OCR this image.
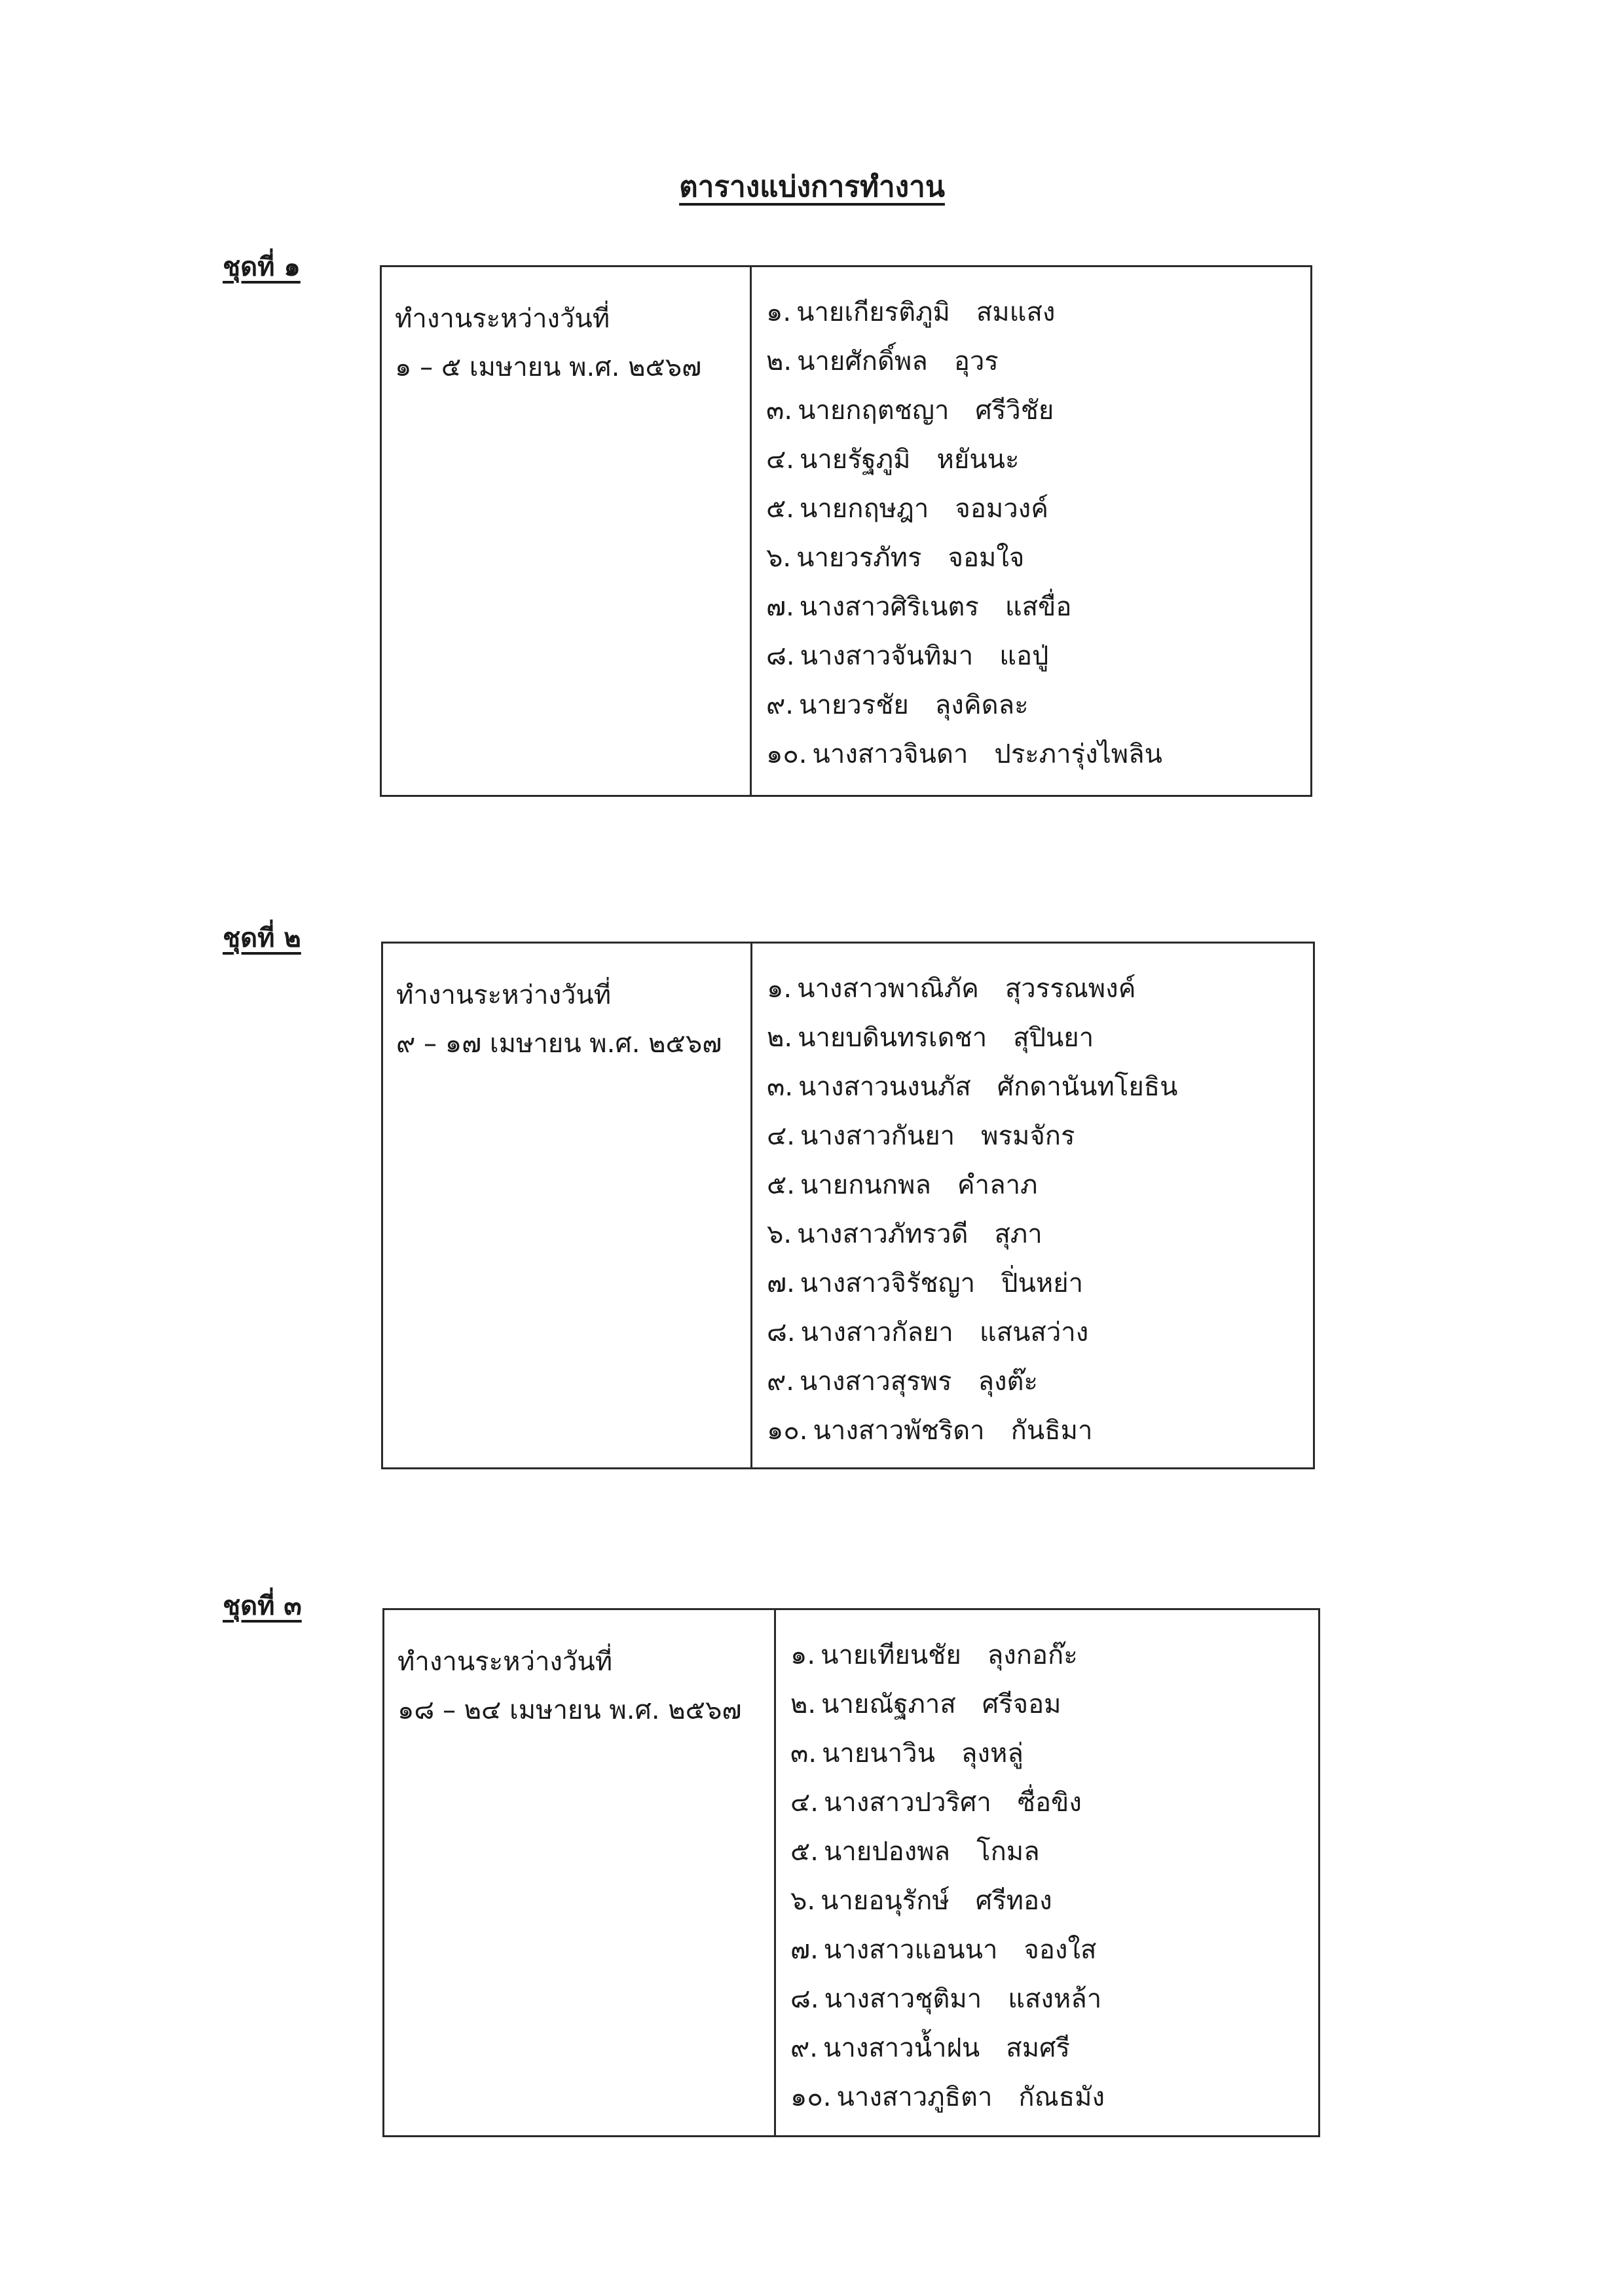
ตารางแบ่งการทำงาน
ชุดที่ ๑
ทำงานระหว่างวันที่
๑ – ๕ เมษายน พ.ศ. ๒๕๖๗
๑. นายเกียรติภูมิ สมแสง
๒. นายศักดิ์พล อุวร
๓. นายกฤตชญา ศรีวิชัย
๔. นายรัฐภูมิ หยันนะ
๕. นายกฤษฎา จอมวงค์
๖. นายวรภัทร จอมใจ
๗. นางสาวศิริเนตร แสขื่อ
๘. นางสาวจันทิมา แอปู่
๙. นายวรชัย ลุงคิดละ
๑๐. นางสาวจินดา ประภารุ่งไพลิน
ชุดที่ ๒
ทำงานระหว่างวันที่
๙ – ๑๗ เมษายน พ.ศ. ๒๕๖๗
๑. นางสาวพาณิภัค สุวรรณพงค์
๒. นายบดินทรเดชา สุปินยา
๓. นางสาวนงนภัส ศักดานันทโยธิน
๔. นางสาวกันยา พรมจักร
๕. นายกนกพล คำลาภ
๖. นางสาวภัทรวดี สุภา
๗. นางสาวจิรัชญา ปิ่นหย่า
๘. นางสาวกัลยา แสนสว่าง
๙. นางสาวสุรพร ลุงต๊ะ
๑๐. นางสาวพัชริดา กันธิมา
ชุดที่ ๓
ทำงานระหว่างวันที่
๑๘ – ๒๔ เมษายน พ.ศ. ๒๕๖๗
๑. นายเทียนชัย ลุงกอก๊ะ
๒. นายณัฐภาส ศรีจอม
๓. นายนาวิน ลุงหลู่
๔. นางสาวปวริศา ซื่อขิง
๕. นายปองพล โกมล
๖. นายอนุรักษ์ ศรีทอง
๗. นางสาวแอนนา จองใส
๘. นางสาวชุติมา แสงหล้า
๙. นางสาวน้ำฝน สมศรี
๑๐. นางสาวภูธิตา กัณธมัง
